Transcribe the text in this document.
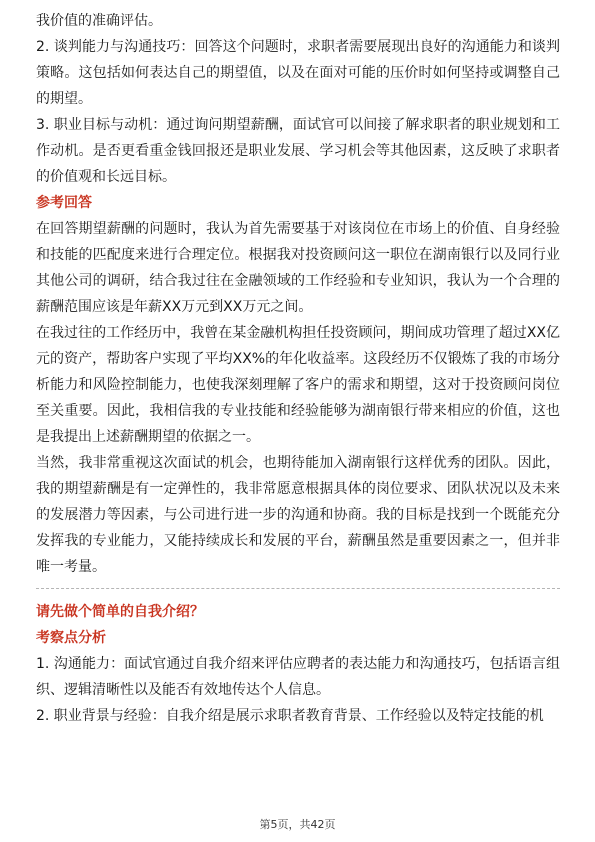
我价值的准确评估。

2. 谈判能力与沟通技巧：回答这个问题时，求职者需要展现出良好的沟通能力和谈判策略。这包括如何表达自己的期望值，以及在面对可能的压价时如何坚持或调整自己的期望。

3. 职业目标与动机：通过询问期望薪酬，面试官可以间接了解求职者的职业规划和工作动机。是否更看重金钱回报还是职业发展、学习机会等其他因素，这反映了求职者的价值观和长远目标。

参考回答

在回答期望薪酬的问题时，我认为首先需要基于对该岗位在市场上的价值、自身经验和技能的匹配度来进行合理定位。根据我对投资顾问这一职位在湖南银行以及同行业其他公司的调研，结合我过往在金融领域的工作经验和专业知识，我认为一个合理的薪酬范围应该是年薪XX万元到XX万元之间。

在我过往的工作经历中，我曾在某金融机构担任投资顾问，期间成功管理了超过XX亿元的资产，帮助客户实现了平均XX%的年化收益率。这段经历不仅锻炼了我的市场分析能力和风险控制能力，也使我深刻理解了客户的需求和期望，这对于投资顾问岗位至关重要。因此，我相信我的专业技能和经验能够为湖南银行带来相应的价值，这也是我提出上述薪酬期望的依据之一。

当然，我非常重视这次面试的机会，也期待能加入湖南银行这样优秀的团队。因此，我的期望薪酬是有一定弹性的，我非常愿意根据具体的岗位要求、团队状况以及未来的发展潜力等因素，与公司进行进一步的沟通和协商。我的目标是找到一个既能充分发挥我的专业能力，又能持续成长和发展的平台，薪酬虽然是重要因素之一，但并非唯一考量。

请先做个简单的自我介绍？

考察点分析

1. 沟通能力：面试官通过自我介绍来评估应聘者的表达能力和沟通技巧，包括语言组织、逻辑清晰性以及能否有效地传达个人信息。

2. 职业背景与经验：自我介绍是展示求职者教育背景、工作经验以及特定技能的机

第5页，共42页
